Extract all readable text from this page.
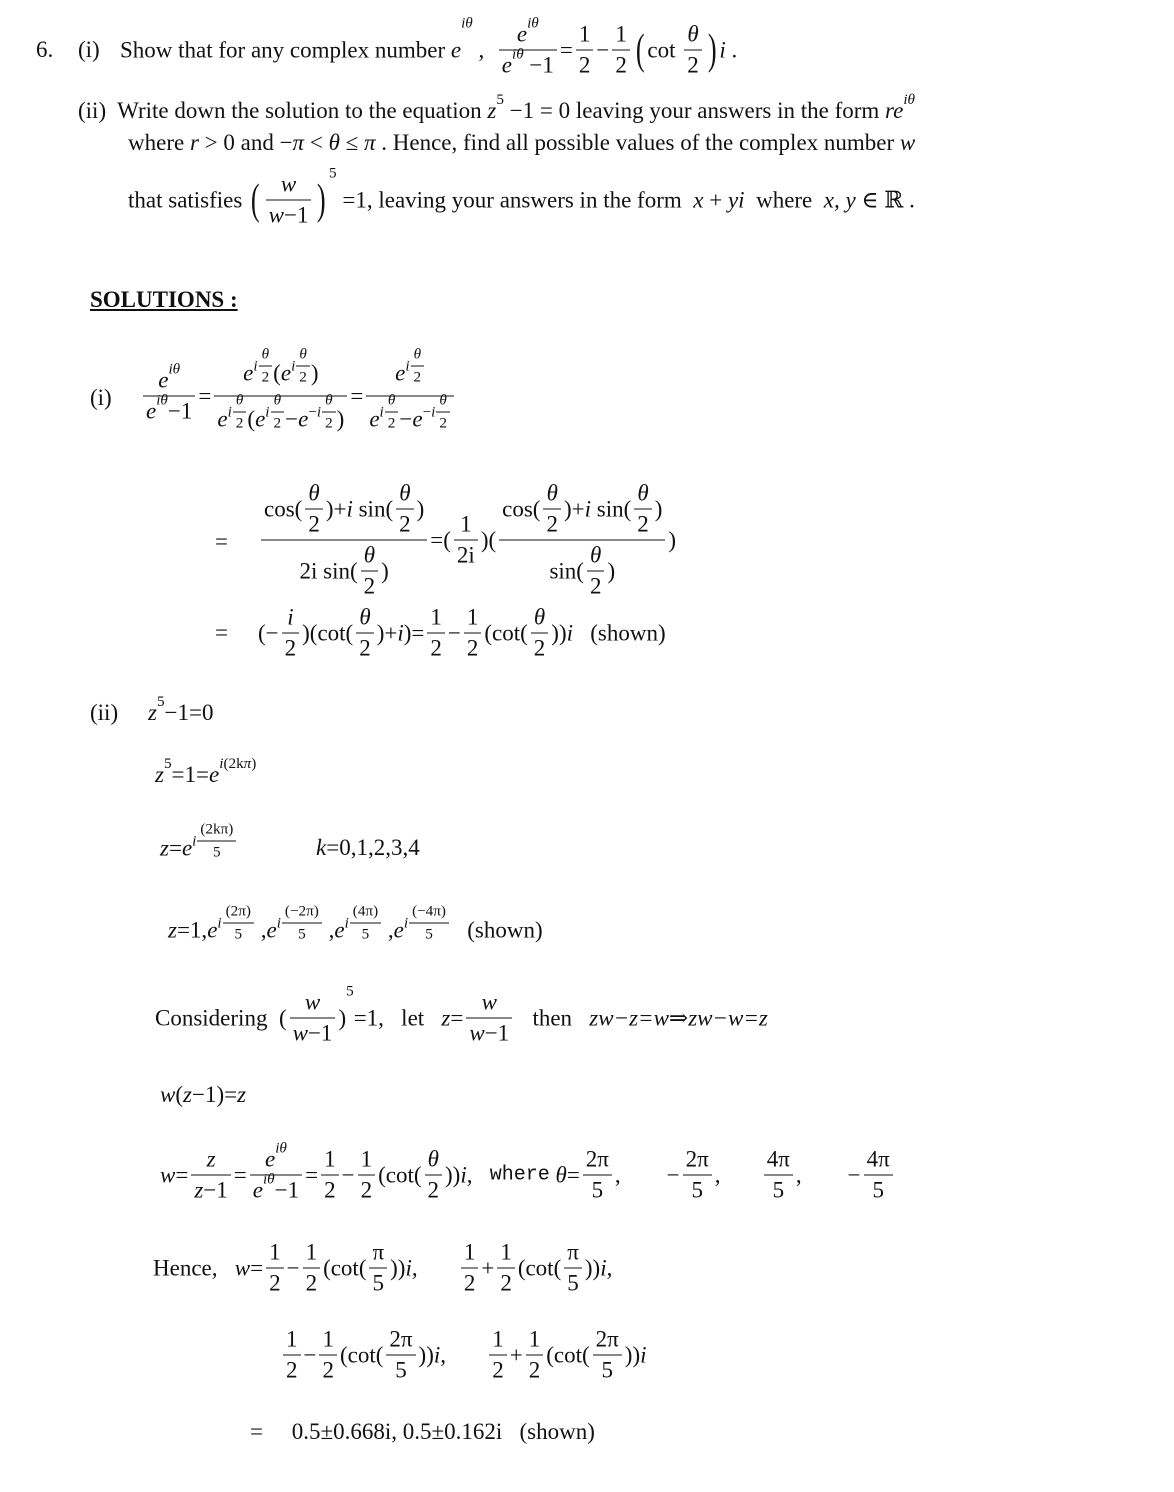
6. (i) Show that for any complex number e
iθ
, $\frac{\text{e iθ}}{\text{e iθ −1}} = \frac{1}{2} - \frac{1}{2}$ ( $\cot \frac{\theta}{2}$ ) i .
(ii)  Write down the solution to the equation z 5 −1 = 0 leaving your answers in the form re iθ
where r > 0 and − π < θ ≤ π . Hence, find all possible values of the complex number w
that satisfies ( $\frac{w}{w -1}$ )
5
=1, leaving your answers in the form x + yi where x, y ∈ ℝ .
SOLUTIONS :
$(i) \frac{\text{e iθ}}{\text{e iθ −1}} = \frac{e i \frac{\theta}{2} ( e i \frac{\theta}{2} )}{e i \frac{\theta}{2} ( e i \frac{\theta}{2} - e - i \frac{\theta}{2} )} = \frac{e i \frac{\theta}{2}}{e i \frac{\theta}{2} - e - i \frac{\theta}{2}}$
= $\frac{\cos( \frac{\theta}{2} )+ i \sin( \frac{\theta}{2} )}{2i \sin( \frac{\theta}{2} )}$ =( $\frac{1}{2i}$ )( $\frac{\cos( \frac{\theta}{2} )+ i \sin( \frac{\theta}{2} )}{\sin( \frac{\theta}{2} )}$ )
= (− $\frac{i}{2} )(\cot( \frac{\theta}{2}$ )+ i )= $\frac{1}{2} - \frac{1}{2} (\cot( \frac{\theta}{2}$ )) i (shown)
(ii) z 5 −1=0
z 5 =1= e i (2k π )
z = e i $\frac{(2k\pi)}{5}$	k =0,1,2,3,4
z =1, e i $\frac{(2\pi)}{5}$ , e i $\frac{(-2\pi)}{5}$ , e i $\frac{(4\pi)}{5}$ , e i $\frac{(-4\pi)}{5}$ (shown)
Considering  ( $\frac{w}{w -1}$ )
5
=1,   let $z = \frac{w}{w -1}$ then zw−z=w⇒zw−w=z
w ( z −1)= z
$w = \frac{z}{z -1} = \frac{\text{e iθ}}{\text{e iθ −1}} = \frac{1}{2} - \frac{1}{2} (\cot( \frac{\theta}{2}$ )) i , where
$\theta = \frac{2\pi}{5}$ ,        − $\frac{2\pi}{5}$ , $\frac{4\pi}{5}$ ,        − $\frac{4\pi}{5}$
Hence, $w = \frac{1}{2} - \frac{1}{2} (\cot( \frac{\pi}{5}$ )) i , $\frac{1}{2} + \frac{1}{2} (\cot( \frac{\pi}{5}$ )) i ,
$\frac{1}{2} - \frac{1}{2} (\cot( \frac{2\pi}{5}$ )) i , $\frac{1}{2} + \frac{1}{2} (\cot( \frac{2\pi}{5}$ )) i
=     0.5±0.668i, 0.5±0.162i   (shown)
